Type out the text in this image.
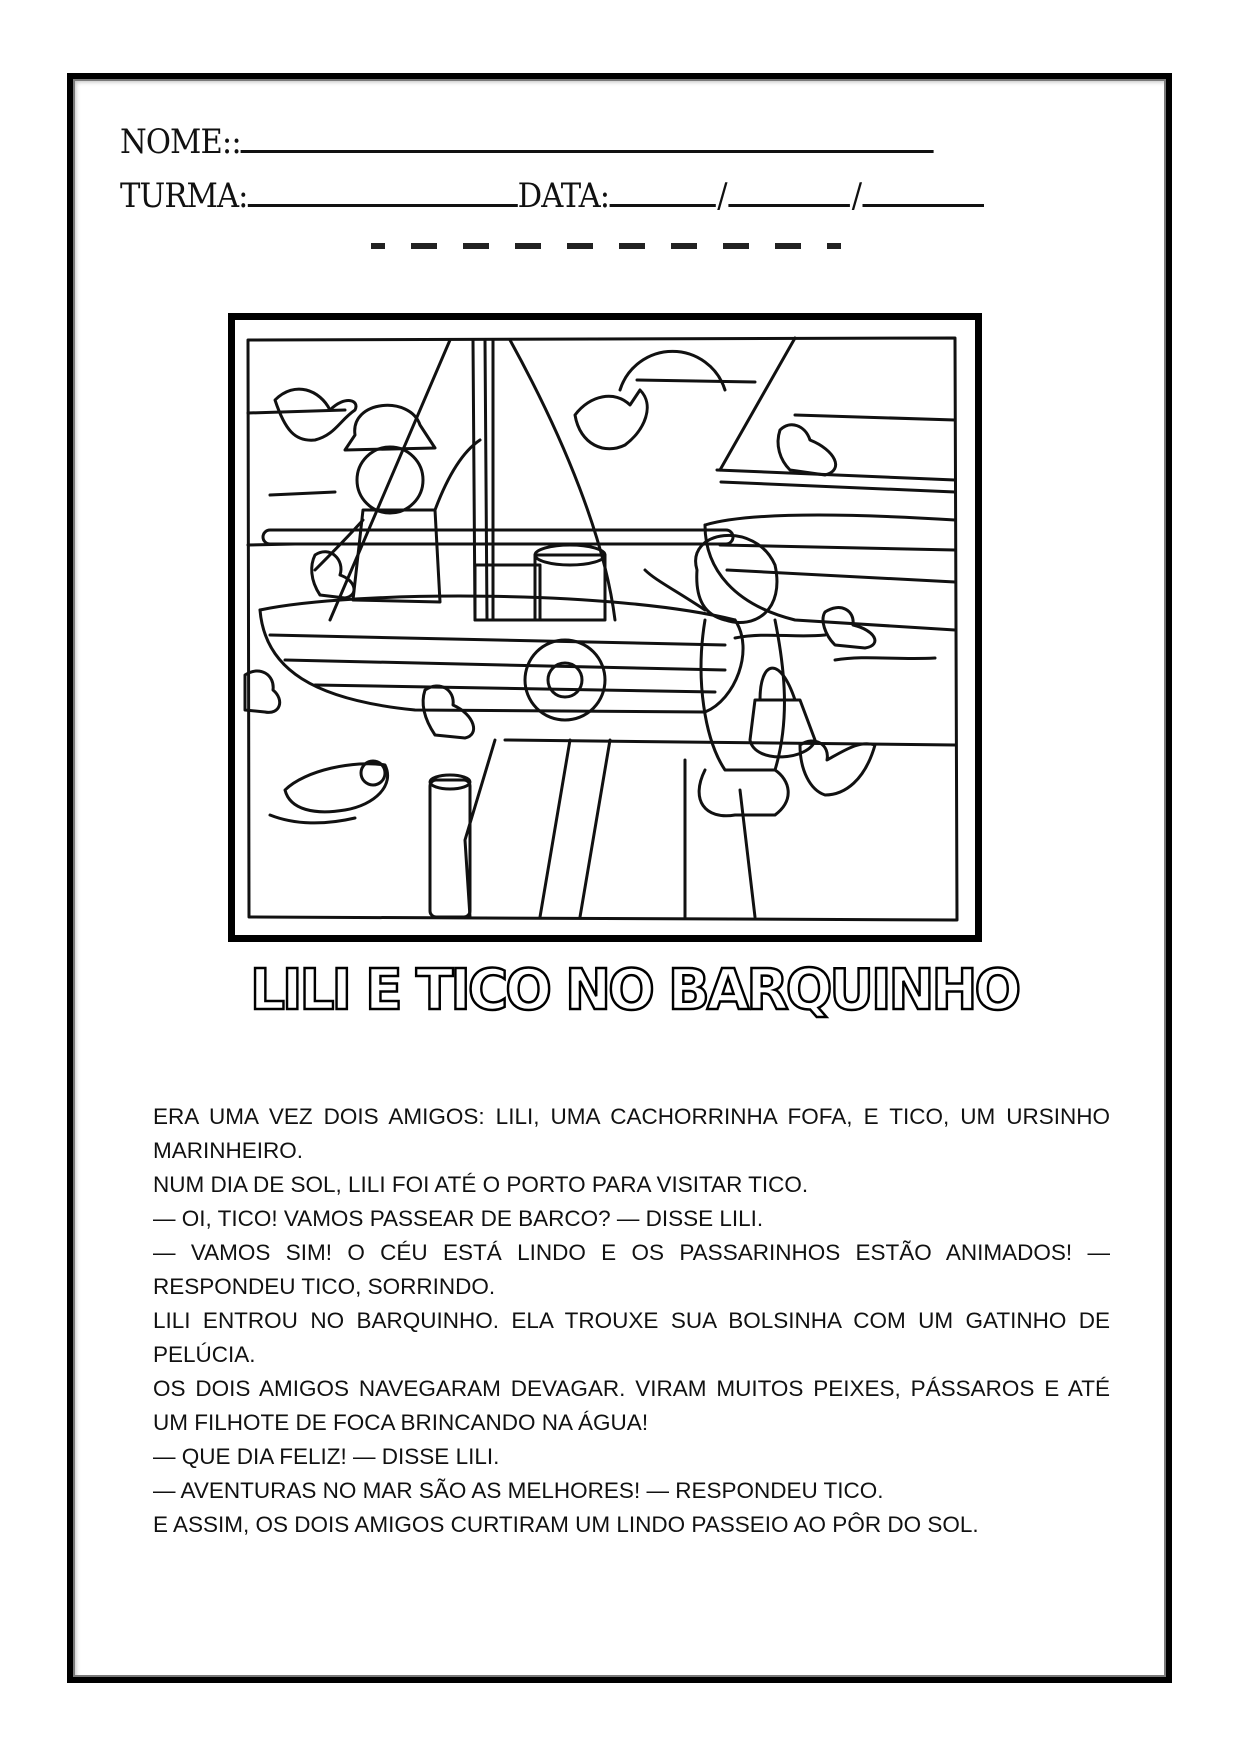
NOME::
TURMA:	DATA:	/	/
LILI E TICO NO BARQUINHO

ERA UMA VEZ DOIS AMIGOS: LILI, UMA CACHORRINHA FOFA, E TICO, UM URSINHO MARINHEIRO.

NUM DIA DE SOL, LILI FOI ATÉ O PORTO PARA VISITAR TICO.

— OI, TICO! VAMOS PASSEAR DE BARCO? — DISSE LILI.

— VAMOS SIM! O CÉU ESTÁ LINDO E OS PASSARINHOS ESTÃO ANIMADOS! — RESPONDEU TICO, SORRINDO.

LILI ENTROU NO BARQUINHO. ELA TROUXE SUA BOLSINHA COM UM GATINHO DE PELÚCIA.

OS DOIS AMIGOS NAVEGARAM DEVAGAR. VIRAM MUITOS PEIXES, PÁSSAROS E ATÉ UM FILHOTE DE FOCA BRINCANDO NA ÁGUA!

— QUE DIA FELIZ! — DISSE LILI.

— AVENTURAS NO MAR SÃO AS MELHORES! — RESPONDEU TICO.

E ASSIM, OS DOIS AMIGOS CURTIRAM UM LINDO PASSEIO AO PÔR DO SOL.
